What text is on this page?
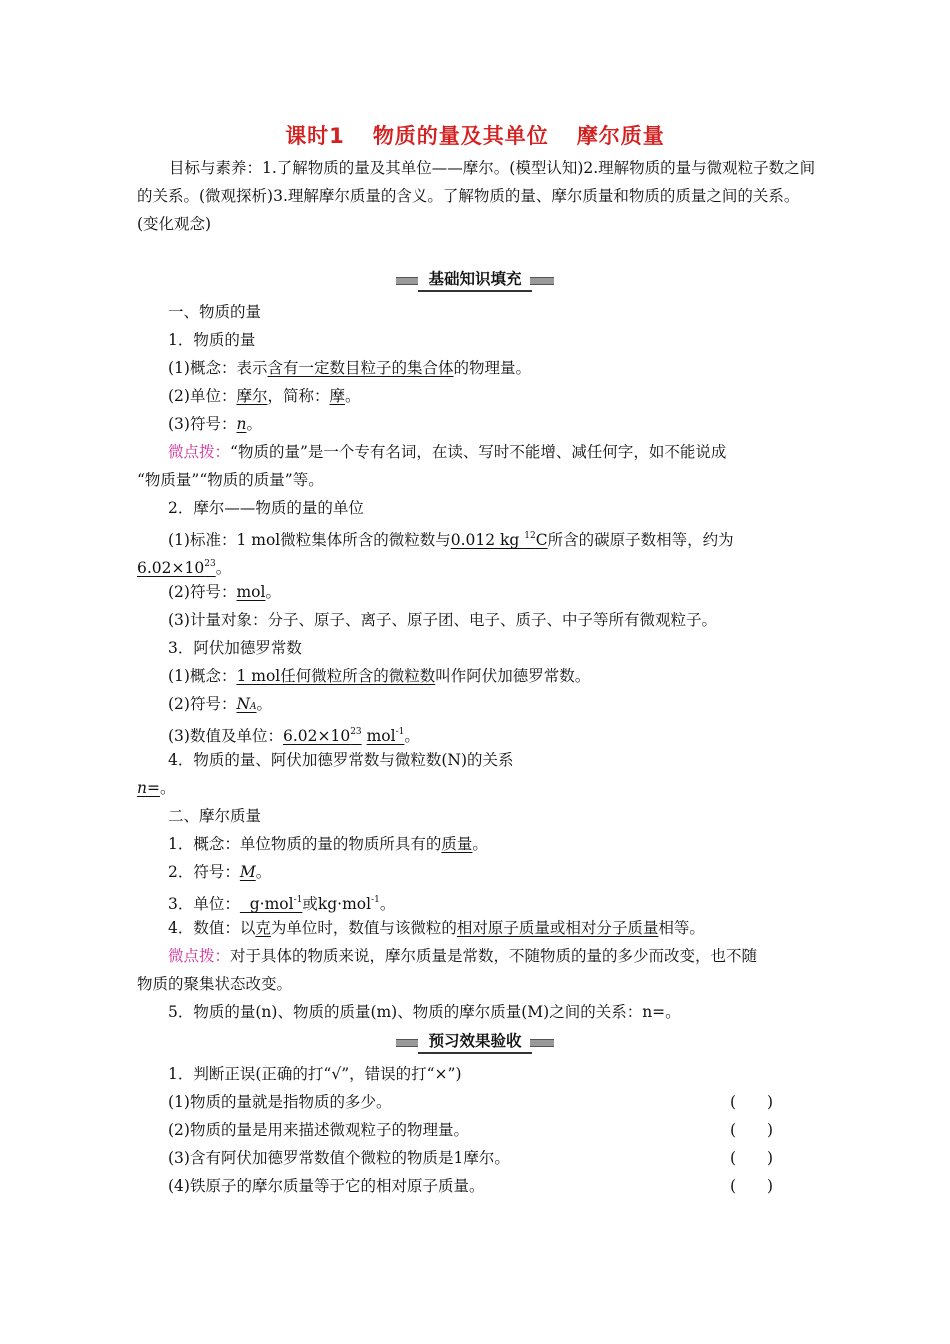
课时1 物质的量及其单位 摩尔质量
目标与素养：1.了解物质的量及其单位——摩尔。(模型认知)2.理解物质的量与微观粒子数之间的关系。(微观探析)3.理解摩尔质量的含义。了解物质的量、摩尔质量和物质的质量之间的关系。(变化观念)
基础知识填充
一、物质的量
1．物质的量
(1)概念：表示含有一定数目粒子的集合体的物理量。
(2)单位：摩尔，简称：摩。
(3)符号：n。
微点拨：“物质的量”是一个专有名词，在读、写时不能增、减任何字，如不能说成
“物质量”“物质的质量”等。
2．摩尔——物质的量的单位
(1)标准：1 mol微粒集体所含的微粒数与0.012 kg $^{12}$C所含的碳原子数相等，约为
$6.02\times 10^{23}$。
(2)符号：mol。
(3)计量对象：分子、原子、离子、原子团、电子、质子、中子等所有微观粒子。
3．阿伏加德罗常数
(1)概念：1 mol任何微粒所含的微粒数叫作阿伏加德罗常数。
(2)符号：NA。
(3)数值及单位：$6.02\times 10^{23}$ mol$^{-1}$。
4．物质的量、阿伏加德罗常数与微粒数(N)的关系
n=。
二、摩尔质量
1．概念：单位物质的量的物质所具有的质量。
2．符号：M。
3．单位：  g·mol$^{-1}$或kg·mol$^{-1}$。
4．数值：以克为单位时，数值与该微粒的相对原子质量或相对分子质量相等。
微点拨：对于具体的物质来说，摩尔质量是常数，不随物质的量的多少而改变，也不随
物质的聚集状态改变。
5．物质的量(n)、物质的质量(m)、物质的摩尔质量(M)之间的关系：n=。
预习效果验收
1．判断正误(正确的打“√”，错误的打“×”)
(1)物质的量就是指物质的多少。	(　　)
(2)物质的量是用来描述微观粒子的物理量。	(　　)
(3)含有阿伏加德罗常数值个微粒的物质是1摩尔。	(　　)
(4)铁原子的摩尔质量等于它的相对原子质量。	(　　)
